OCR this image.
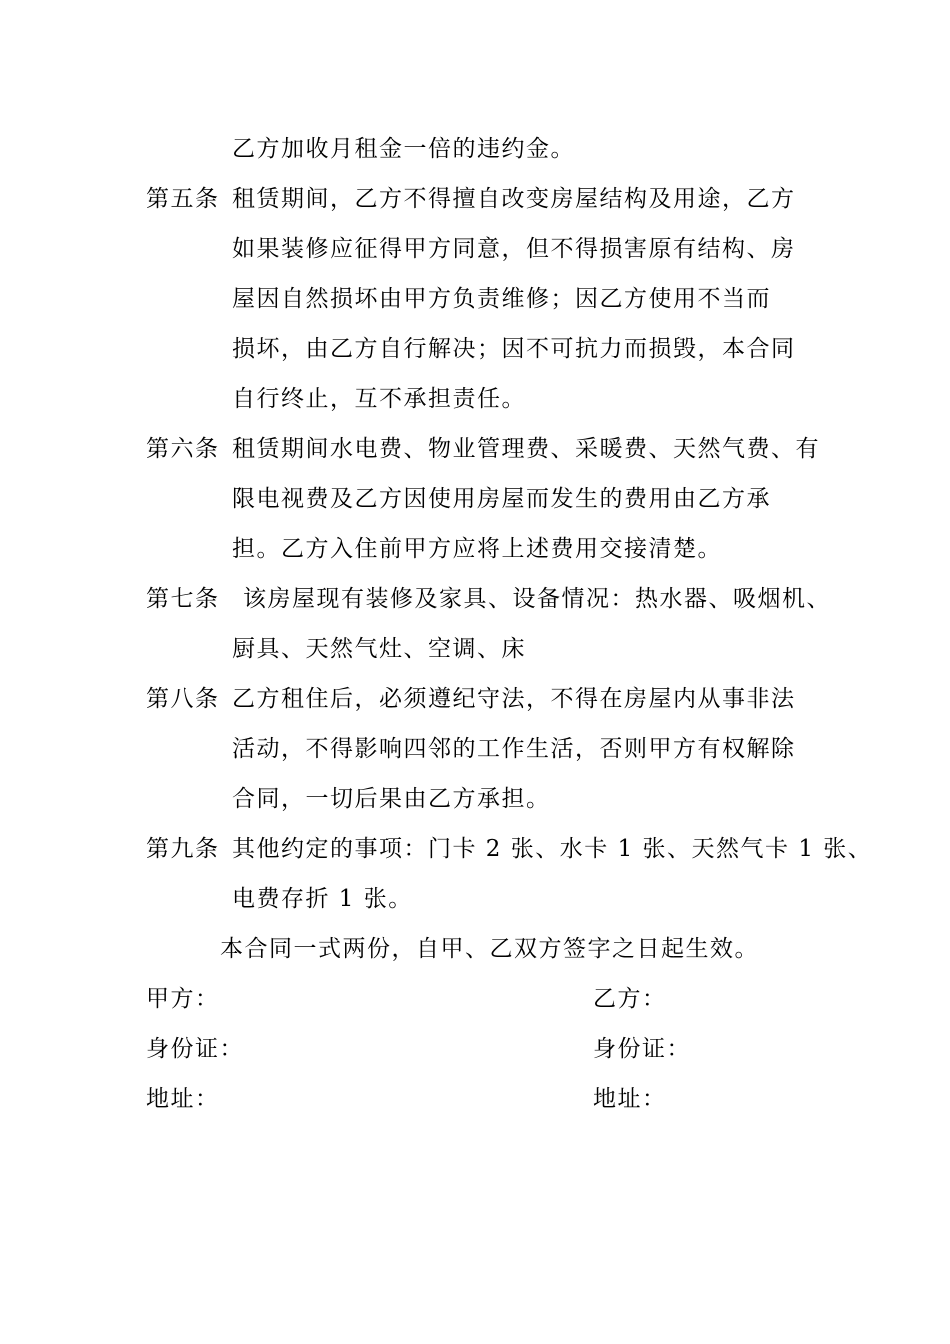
乙方加收月租金一倍的违约金。
第五条 租赁期间，乙方不得擅自改变房屋结构及用途，乙方
如果装修应征得甲方同意，但不得损害原有结构、房
屋因自然损坏由甲方负责维修；因乙方使用不当而
损坏，由乙方自行解决；因不可抗力而损毁，本合同
自行终止，互不承担责任。
第六条 租赁期间水电费、物业管理费、采暖费、天然气费、有
限电视费及乙方因使用房屋而发生的费用由乙方承
担。乙方入住前甲方应将上述费用交接清楚。
第七条 该房屋现有装修及家具、设备情况：热水器、吸烟机、
厨具、天然气灶、空调、床
第八条 乙方租住后，必须遵纪守法，不得在房屋内从事非法
活动，不得影响四邻的工作生活，否则甲方有权解除
合同，一切后果由乙方承担。
第九条 其他约定的事项：门卡 2 张、水卡 1 张、天然气卡 1 张、
电费存折 1 张。
本合同一式两份，自甲、乙双方签字之日起生效。
甲方：	乙方：
身份证：	身份证：
地址：	地址：
